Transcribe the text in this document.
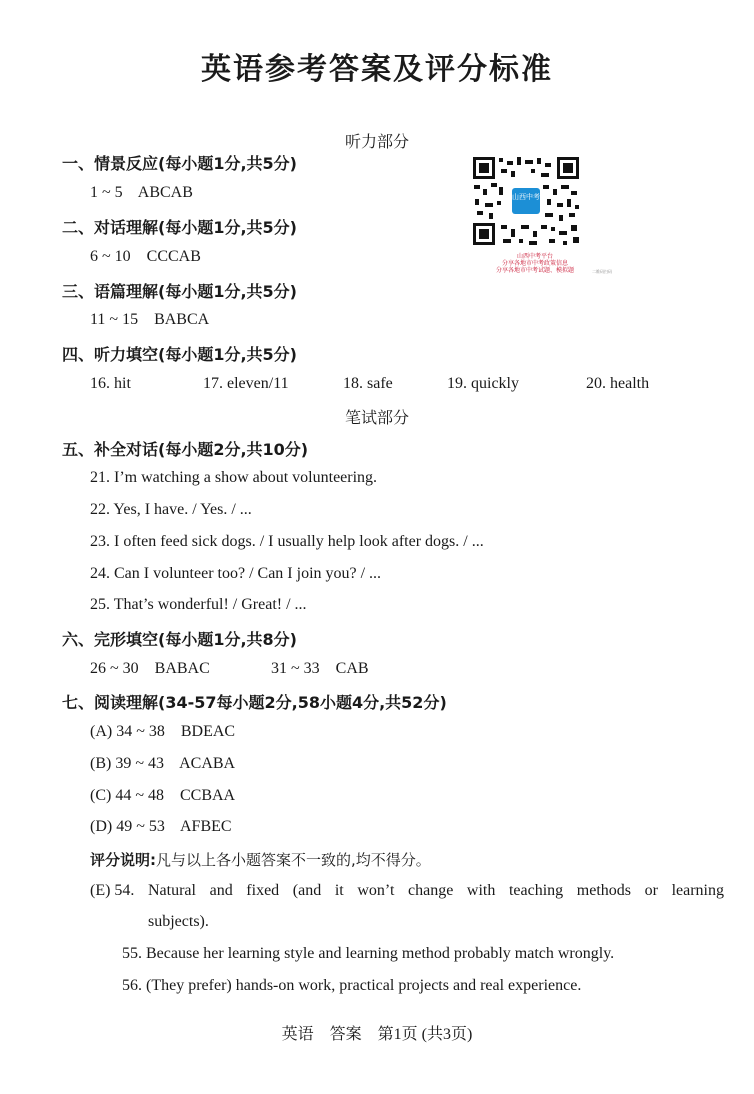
英语参考答案及评分标准
听力部分
山西中考
山西中考平台
分享各地市中考政策信息
分享各地市中考试题、模拟题	二维码扫码
一、情景反应(每小题1分,共5分)
1 ~ 5    ABCAB
二、对话理解(每小题1分,共5分)
6 ~ 10    CCCAB
三、语篇理解(每小题1分,共5分)
11 ~ 15    BABCA
四、听力填空(每小题1分,共5分)
16. hit	17. eleven/11	18. safe	19. quickly	20. health
笔试部分
五、补全对话(每小题2分,共10分)
21. I’m watching a show about volunteering.
22. Yes, I have. / Yes. / ...
23. I often feed sick dogs. / I usually help look after dogs. / ...
24. Can I volunteer too? / Can I join you? / ...
25. That’s wonderful! / Great! / ...
六、完形填空(每小题1分,共8分)
26 ~ 30    BABAC	31 ~ 33    CAB
七、阅读理解(34-57每小题2分,58小题4分,共52分)
(A) 34 ~ 38    BDEAC
(B) 39 ~ 43    ACABA
(C) 44 ~ 48    CCBAA
(D) 49 ~ 53    AFBEC
评分说明:凡与以上各小题答案不一致的,均不得分。
(E) 54. Natural and fixed (and it won’t change with teaching methods or learning
subjects).
55. Because her learning style and learning method probably match wrongly.
56. (They prefer) hands-on work, practical projects and real experience.
英语    答案    第1页 (共3页)
